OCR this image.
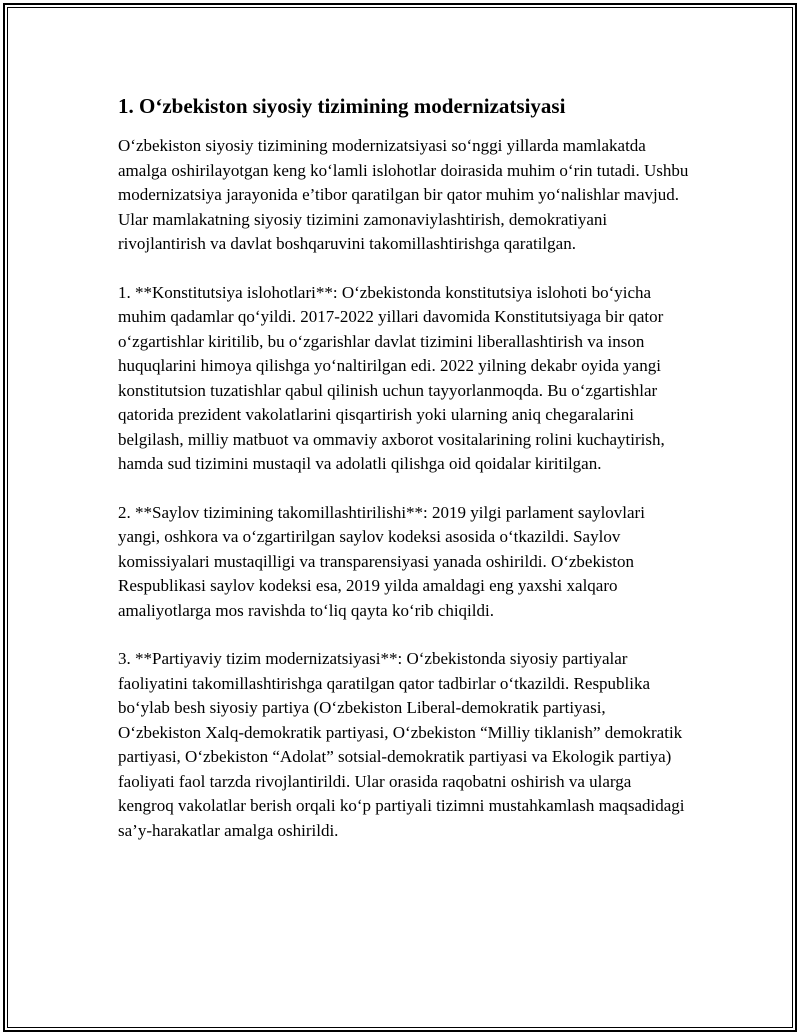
1. O‘zbekiston siyosiy tizimining modernizatsiyasi

O‘zbekiston siyosiy tizimining modernizatsiyasi so‘nggi yillarda mamlakatda amalga oshirilayotgan keng ko‘lamli islohotlar doirasida muhim o‘rin tutadi. Ushbu modernizatsiya jarayonida e’tibor qaratilgan bir qator muhim yo‘nalishlar mavjud. Ular mamlakatning siyosiy tizimini zamonaviylashtirish, demokratiyani rivojlantirish va davlat boshqaruvini takomillashtirishga qaratilgan.

1. **Konstitutsiya islohotlari**: O‘zbekistonda konstitutsiya islohoti bo‘yicha muhim qadamlar qo‘yildi. 2017-2022 yillari davomida Konstitutsiyaga bir qator o‘zgartishlar kiritilib, bu o‘zgarishlar davlat tizimini liberallashtirish va inson huquqlarini himoya qilishga yo‘naltirilgan edi. 2022 yilning dekabr oyida yangi konstitutsion tuzatishlar qabul qilinish uchun tayyorlanmoqda. Bu o‘zgartishlar qatorida prezident vakolatlarini qisqartirish yoki ularning aniq chegaralarini belgilash, milliy matbuot va ommaviy axborot vositalarining rolini kuchaytirish, hamda sud tizimini mustaqil va adolatli qilishga oid qoidalar kiritilgan.

2. **Saylov tizimining takomillashtirilishi**: 2019 yilgi parlament saylovlari yangi, oshkora va o‘zgartirilgan saylov kodeksi asosida o‘tkazildi. Saylov komissiyalari mustaqilligi va transparensiyasi yanada oshirildi. O‘zbekiston Respublikasi saylov kodeksi esa, 2019 yilda amaldagi eng yaxshi xalqaro amaliyotlarga mos ravishda to‘liq qayta ko‘rib chiqildi.

3. **Partiyaviy tizim modernizatsiyasi**: O‘zbekistonda siyosiy partiyalar faoliyatini takomillashtirishga qaratilgan qator tadbirlar o‘tkazildi. Respublika bo‘ylab besh siyosiy partiya (O‘zbekiston Liberal-demokratik partiyasi, O‘zbekiston Xalq-demokratik partiyasi, O‘zbekiston “Milliy tiklanish” demokratik partiyasi, O‘zbekiston “Adolat” sotsial-demokratik partiyasi va Ekologik partiya) faoliyati faol tarzda rivojlantirildi. Ular orasida raqobatni oshirish va ularga kengroq vakolatlar berish orqali ko‘p partiyali tizimni mustahkamlash maqsadidagi sa’y-harakatlar amalga oshirildi.
